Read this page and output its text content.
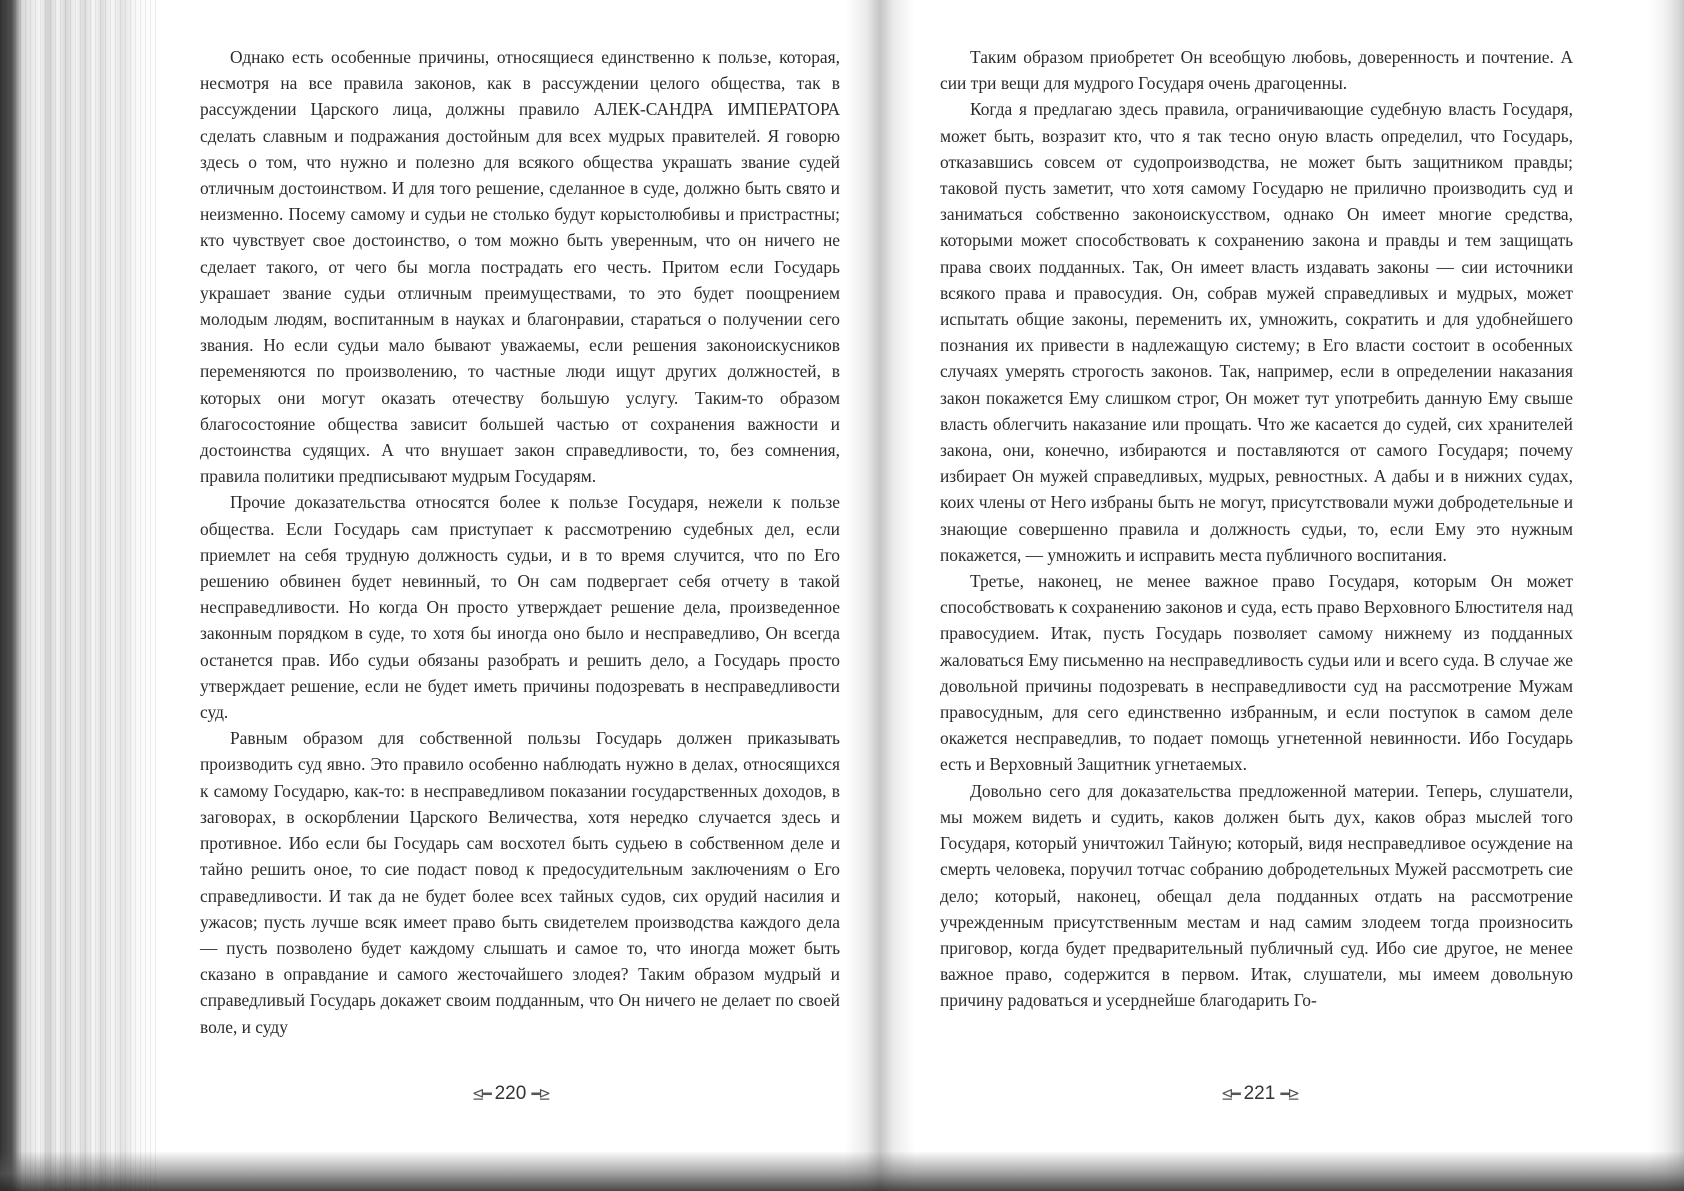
Однако есть особенные причины, относящиеся единственно к пользе, которая, несмотря на все правила законов, как в рассуждении целого общества, так в рассуждении Царского лица, должны правило АЛЕК-САНДРА ИМПЕРАТОРА сделать славным и подражания достойным для всех мудрых правителей. Я говорю здесь о том, что нужно и полезно для всякого общества украшать звание судей отличным достоинством. И для того решение, сделанное в суде, должно быть свято и неизменно. Посему самому и судьи не столько будут корыстолюбивы и пристрастны; кто чувствует свое достоинство, о том можно быть уверенным, что он ничего не сделает такого, от чего бы могла пострадать его честь. Притом если Государь украшает звание судьи отличным преимуществами, то это будет поощрением молодым людям, воспитанным в науках и благонравии, стараться о получении сего звания. Но если судьи мало бывают уважаемы, если решения законоискусников переменяются по произволению, то частные люди ищут других должностей, в которых они могут оказать отечеству большую услугу. Таким-то образом благосостояние общества зависит большей частью от сохранения важности и достоинства судящих. А что внушает закон справедливости, то, без сомнения, правила политики предписывают мудрым Государям.

Прочие доказательства относятся более к пользе Государя, нежели к пользе общества. Если Государь сам приступает к рассмотрению судебных дел, если приемлет на себя трудную должность судьи, и в то время случится, что по Его решению обвинен будет невинный, то Он сам подвергает себя отчету в такой несправедливости. Но когда Он просто утверждает решение дела, произведенное законным порядком в суде, то хотя бы иногда оно было и несправедливо, Он всегда останется прав. Ибо судьи обязаны разобрать и решить дело, а Государь просто утверждает решение, если не будет иметь причины подозревать в несправедливости суд.

Равным образом для собственной пользы Государь должен приказывать производить суд явно. Это правило особенно наблюдать нужно в делах, относящихся к самому Государю, как-то: в несправедливом показании государственных доходов, в заговорах, в оскорблении Царского Величества, хотя нередко случается здесь и противное. Ибо если бы Государь сам восхотел быть судьею в собственном деле и тайно решить оное, то сие подаст повод к предосудительным заключениям о Его справедливости. И так да не будет более всех тайных судов, сих орудий насилия и ужасов; пусть лучше всяк имеет право быть свидетелем производства каждого дела — пусть позволено будет каждому слышать и самое то, что иногда может быть сказано в оправдание и самого жесточайшего злодея? Таким образом мудрый и справедливый Государь докажет своим подданным, что Он ничего не делает по своей воле, и суду

Таким образом приобретет Он всеобщую любовь, доверенность и почтение. А сии три вещи для мудрого Государя очень драгоценны.

Когда я предлагаю здесь правила, ограничивающие судебную власть Государя, может быть, возразит кто, что я так тесно оную власть определил, что Государь, отказавшись совсем от судопроизводства, не может быть защитником правды; таковой пусть заметит, что хотя самому Государю не прилично производить суд и заниматься собственно законоискусством, однако Он имеет многие средства, которыми может способствовать к сохранению закона и правды и тем защищать права своих подданных. Так, Он имеет власть издавать законы — сии источники всякого права и правосудия. Он, собрав мужей справедливых и мудрых, может испытать общие законы, переменить их, умножить, сократить и для удобнейшего познания их привести в надлежащую систему; в Его власти состоит в особенных случаях умерять строгость законов. Так, например, если в определении наказания закон покажется Ему слишком строг, Он может тут употребить данную Ему свыше власть облегчить наказание или прощать. Что же касается до судей, сих хранителей закона, они, конечно, избираются и поставляются от самого Государя; почему избирает Он мужей справедливых, мудрых, ревностных. А дабы и в нижних судах, коих члены от Него избраны быть не могут, присутствовали мужи добродетельные и знающие совершенно правила и должность судьи, то, если Ему это нужным покажется, — умножить и исправить места публичного воспитания.

Третье, наконец, не менее важное право Государя, которым Он может способствовать к сохранению законов и суда, есть право Верховного Блюстителя над правосудием. Итак, пусть Государь позволяет самому нижнему из подданных жаловаться Ему письменно на несправедливость судьи или и всего суда. В случае же довольной причины подозревать в несправедливости суд на рассмотрение Мужам правосудным, для сего единственно избранным, и если поступок в самом деле окажется несправедлив, то подает помощь угнетенной невинности. Ибо Государь есть и Верховный Защитник угнетаемых.

Довольно сего для доказательства предложенной материи. Теперь, слушатели, мы можем видеть и судить, каков должен быть дух, каков образ мыслей того Государя, который уничтожил Тайную; который, видя несправедливое осуждение на смерть человека, поручил тотчас собранию добродетельных Мужей рассмотреть сие дело; который, наконец, обещал дела подданных отдать на рассмотрение учрежденным присутственным местам и над самим злодеем тогда произносить приговор, когда будет предварительный публичный суд. Ибо сие другое, не менее важное право, содержится в первом. Итак, слушатели, мы имеем довольную причину радоваться и усерднейше благодарить Го-

⊴━ 220 ━⊵	⊴━ 221 ━⊵
